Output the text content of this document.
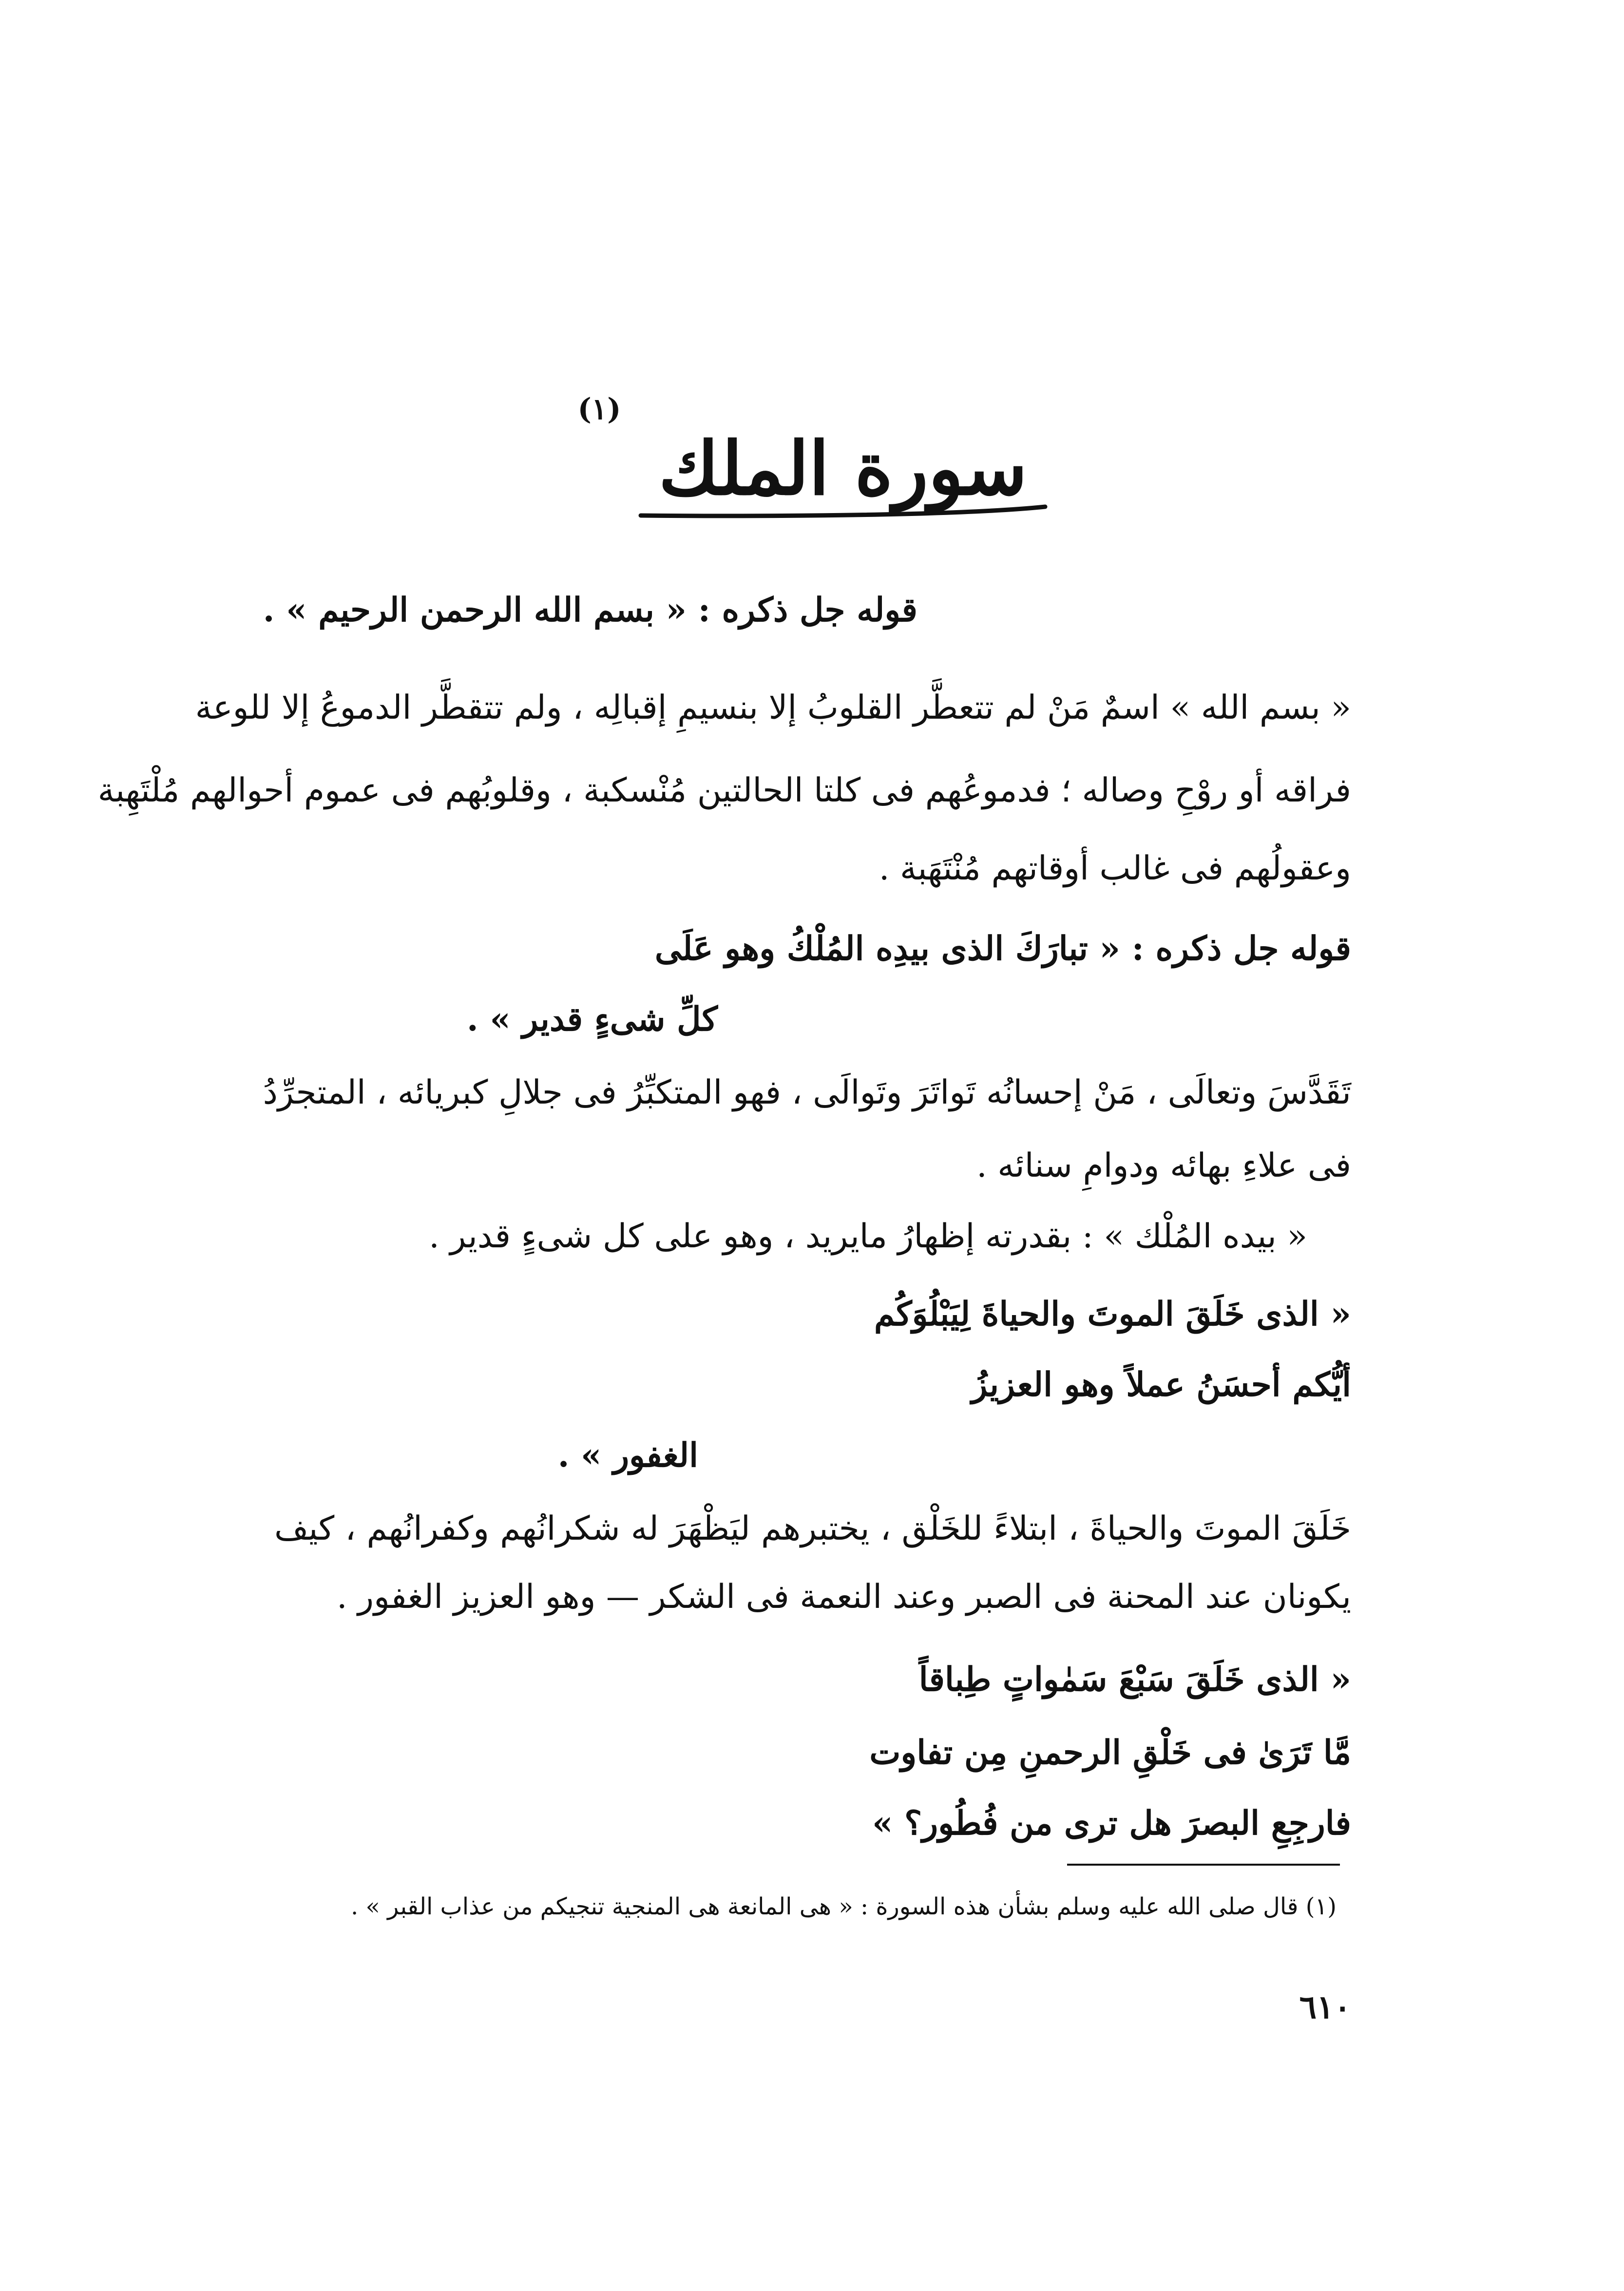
(١)
سورة الملك
قوله جل ذكره : « بسم الله الرحمن الرحيم » .
« بسم الله » اسمٌ مَنْ لم تتعطَّر القلوبُ إلا بنسيمِ إقبالِه ، ولم تتقطَّر الدموعُ إلا للوعة
فراقه أو روْحِ وصاله ؛ فدموعُهم فى كلتا الحالتين مُنْسكبة ، وقلوبُهم فى عموم أحوالهم مُلْتَهِبة
وعقولُهم فى غالب أوقاتهم مُنْتَهَبة .
قوله جل ذكره : « تبارَكَ الذى بيدِه المُلْكُ وهو عَلَى
كلِّ شىءٍ قدير » .
تَقَدَّسَ وتعالَى ، مَنْ إحسانُه تَواتَرَ وتَوالَى ، فهو المتكبِّرُ فى جلالِ كبريائه ، المتجرِّدُ
فى علاءِ بهائه ودوامِ سنائه .
« بيده المُلْك » : بقدرته إظهارُ مايريد ، وهو على كل شىءٍ قدير .
« الذى خَلَقَ الموتَ والحياةَ لِيَبْلُوَكُم
أيُّكم أحسَنُ عملاً وهو العزيزُ
الغفور » .
خَلَقَ الموتَ والحياةَ ، ابتلاءً للخَلْق ، يختبرهم ليَظْهَرَ له شكرانُهم وكفرانُهم ، كيف
يكونان عند المحنة فى الصبر وعند النعمة فى الشكر — وهو العزيز الغفور .
« الذى خَلَقَ سَبْعَ سَمٰواتٍ طِباقاً
مَّا تَرَىٰ فى خَلْقِ الرحمنِ مِن تفاوت
فارجِعِ البصرَ هل ترى من فُطُور؟ »
(١) قال صلى الله عليه وسلم بشأن هذه السورة : « هى المانعة هى المنجية تنجيكم من عذاب القبر » .
٦١٠
